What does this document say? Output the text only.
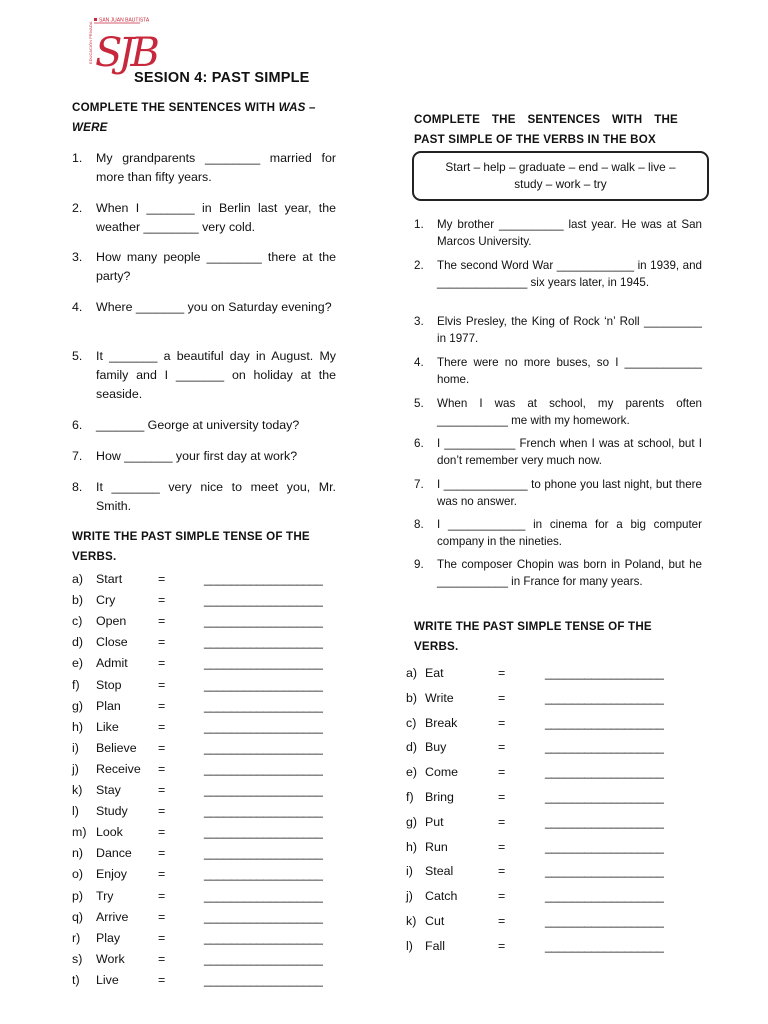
SAN JUAN BAUTISTA
EDUCACIÓN PRIVADA SJB
SESION 4: PAST SIMPLE
COMPLETE THE SENTENCES WITH WAS –
WERE
1. My grandparents ________ married for more than fifty years.
2. When I _______ in Berlin last year, the weather ________ very cold.
3. How many people ________ there at the party?
4. Where _______ you on Saturday evening?
5. It _______ a beautiful day in August. My family and I _______ on holiday at the seaside.
6. _______ George at university today?
7. How _______ your first day at work?
8. It _______ very nice to meet you, Mr. Smith.
WRITE THE PAST SIMPLE TENSE OF THE
VERBS.
a) Start	=	__________________
b) Cry	=	__________________
c) Open	=	__________________
d) Close =	__________________
e) Admit =	__________________
f) Stop	=	__________________
g) Plan	=	__________________
h) Like	=	__________________
i) Believe =	__________________
j) Receive =	__________________
k) Stay	=	__________________
l) Study =	__________________
m) Look	=	__________________
n) Dance =	__________________
o) Enjoy	=	__________________
p) Try	=	__________________
q) Arrive =	__________________
r) Play	=	__________________
s) Work	=	__________________
t) Live	=	__________________
COMPLETE THE SENTENCES WITH THE
PAST SIMPLE OF THE VERBS IN THE BOX
Start – help – graduate – end – walk – live –
study – work – try
1. My brother __________ last year. He was at San Marcos University.
2. The second Word War ____________ in 1939, and ______________ six years later, in 1945.
3. Elvis Presley, the King of Rock ‘n’ Roll _________ in 1977.
4. There were no more buses, so I ____________ home.
5. When I was at school, my parents often ___________ me with my homework.
6. I ___________ French when I was at school, but I don’t remember very much now.
7. I _____________ to phone you last night, but there was no answer.
8. I ____________ in cinema for a big computer company in the nineties.
9. The composer Chopin was born in Poland, but he ___________ in France for many years.
WRITE THE PAST SIMPLE TENSE OF THE
VERBS.
a) Eat	=	__________________
b) Write	=	__________________
c) Break	=	__________________
d) Buy	=	__________________
e) Come	=	__________________
f) Bring	=	__________________
g) Put	=	__________________
h) Run	=	__________________
i) Steal	=	__________________
j) Catch	=	__________________
k) Cut	=	__________________
l) Fall	=	__________________
